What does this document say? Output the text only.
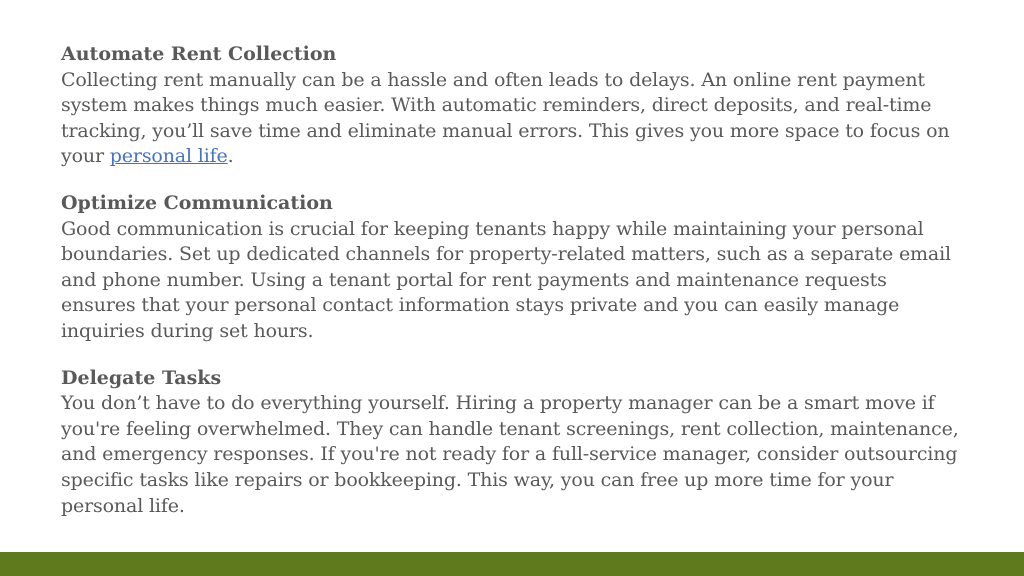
Automate Rent Collection
Collecting rent manually can be a hassle and often leads to delays. An online rent payment system makes things much easier. With automatic reminders, direct deposits, and real-time tracking, you’ll save time and eliminate manual errors. This gives you more space to focus on your personal life.
Optimize Communication
Good communication is crucial for keeping tenants happy while maintaining your personal boundaries. Set up dedicated channels for property-related matters, such as a separate email and phone number. Using a tenant portal for rent payments and maintenance requests ensures that your personal contact information stays private and you can easily manage inquiries during set hours.
Delegate Tasks
You don’t have to do everything yourself. Hiring a property manager can be a smart move if you're feeling overwhelmed. They can handle tenant screenings, rent collection, maintenance, and emergency responses. If you're not ready for a full-service manager, consider outsourcing specific tasks like repairs or bookkeeping. This way, you can free up more time for your personal life.
